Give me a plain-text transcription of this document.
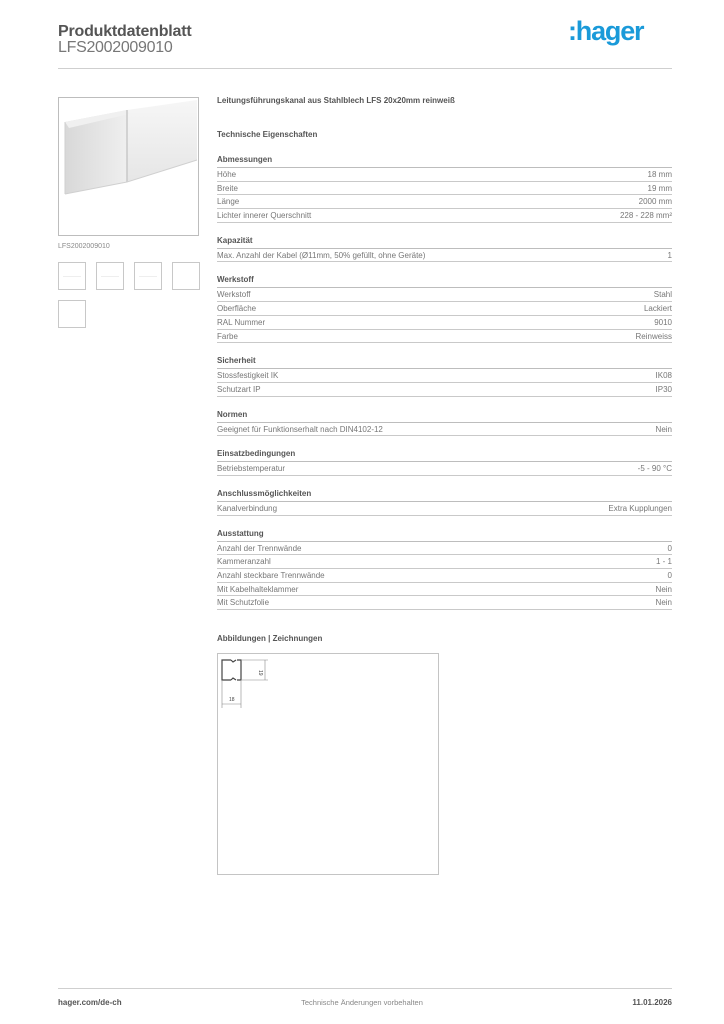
Produktdatenblatt
LFS2002009010
:hager
LFS2002009010
Leitungsführungskanal aus Stahlblech LFS 20x20mm reinweiß
Technische Eigenschaften
Abmessungen
Höhe	18 mm
Breite	19 mm
Länge	2000 mm
Lichter innerer Querschnitt	228 - 228 mm²
Kapazität
Max. Anzahl der Kabel (Ø11mm, 50% gefüllt, ohne Geräte)	1
Werkstoff
Werkstoff	Stahl
Oberfläche	Lackiert
RAL Nummer	9010
Farbe	Reinweiss
Sicherheit
Stossfestigkeit IK	IK08
Schutzart IP	IP30
Normen
Geeignet für Funktionserhalt nach DIN4102-12	Nein
Einsatzbedingungen
Betriebstemperatur	-5 - 90 °C
Anschlussmöglichkeiten
Kanalverbindung	Extra Kupplungen
Ausstattung
Anzahl der Trennwände	0
Kammeranzahl	1 - 1
Anzahl steckbare Trennwände	0
Mit Kabelhalteklammer	Nein
Mit Schutzfolie	Nein
Abbildungen | Zeichnungen
19
18
hager.com/de-ch	Technische Änderungen vorbehalten	11.01.2026
